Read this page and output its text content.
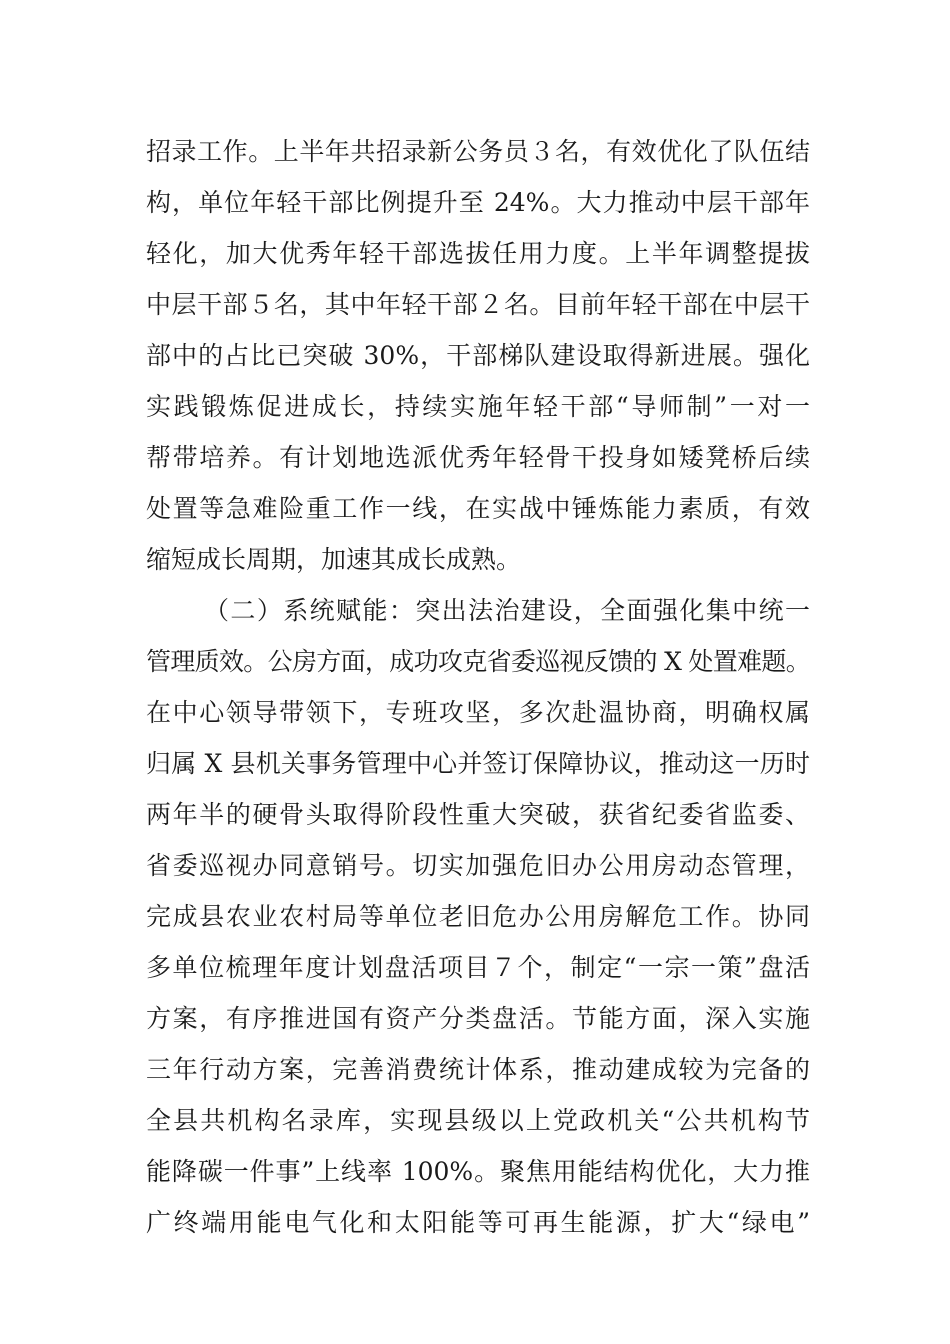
招录工作。上半年共招录新公务员３名，有效优化了队伍结
构，单位年轻干部比例提升至 24%。大力推动中层干部年
轻化，加大优秀年轻干部选拔任用力度。上半年调整提拔
中层干部５名，其中年轻干部２名。目前年轻干部在中层干
部中的占比已突破 30%，干部梯队建设取得新进展。强化
实践锻炼促进成长，持续实施年轻干部“导师制”一对一
帮带培养。有计划地选派优秀年轻骨干投身如矮凳桥后续
处置等急难险重工作一线，在实战中锤炼能力素质，有效
缩短成长周期，加速其成长成熟。
（二）系统赋能：突出法治建设，全面强化集中统一
管理质效。公房方面，成功攻克省委巡视反馈的 X 处置难题。
在中心领导带领下，专班攻坚，多次赴温协商，明确权属
归属 X 县机关事务管理中心并签订保障协议，推动这一历时
两年半的硬骨头取得阶段性重大突破，获省纪委省监委、
省委巡视办同意销号。切实加强危旧办公用房动态管理，
完成县农业农村局等单位老旧危办公用房解危工作。协同
多单位梳理年度计划盘活项目７个，制定“一宗一策”盘活
方案，有序推进国有资产分类盘活。节能方面，深入实施
三年行动方案，完善消费统计体系，推动建成较为完备的
全县共机构名录库，实现县级以上党政机关“公共机构节
能降碳一件事”上线率 100%。聚焦用能结构优化，大力推
广终端用能电气化和太阳能等可再生能源，扩大“绿电”
